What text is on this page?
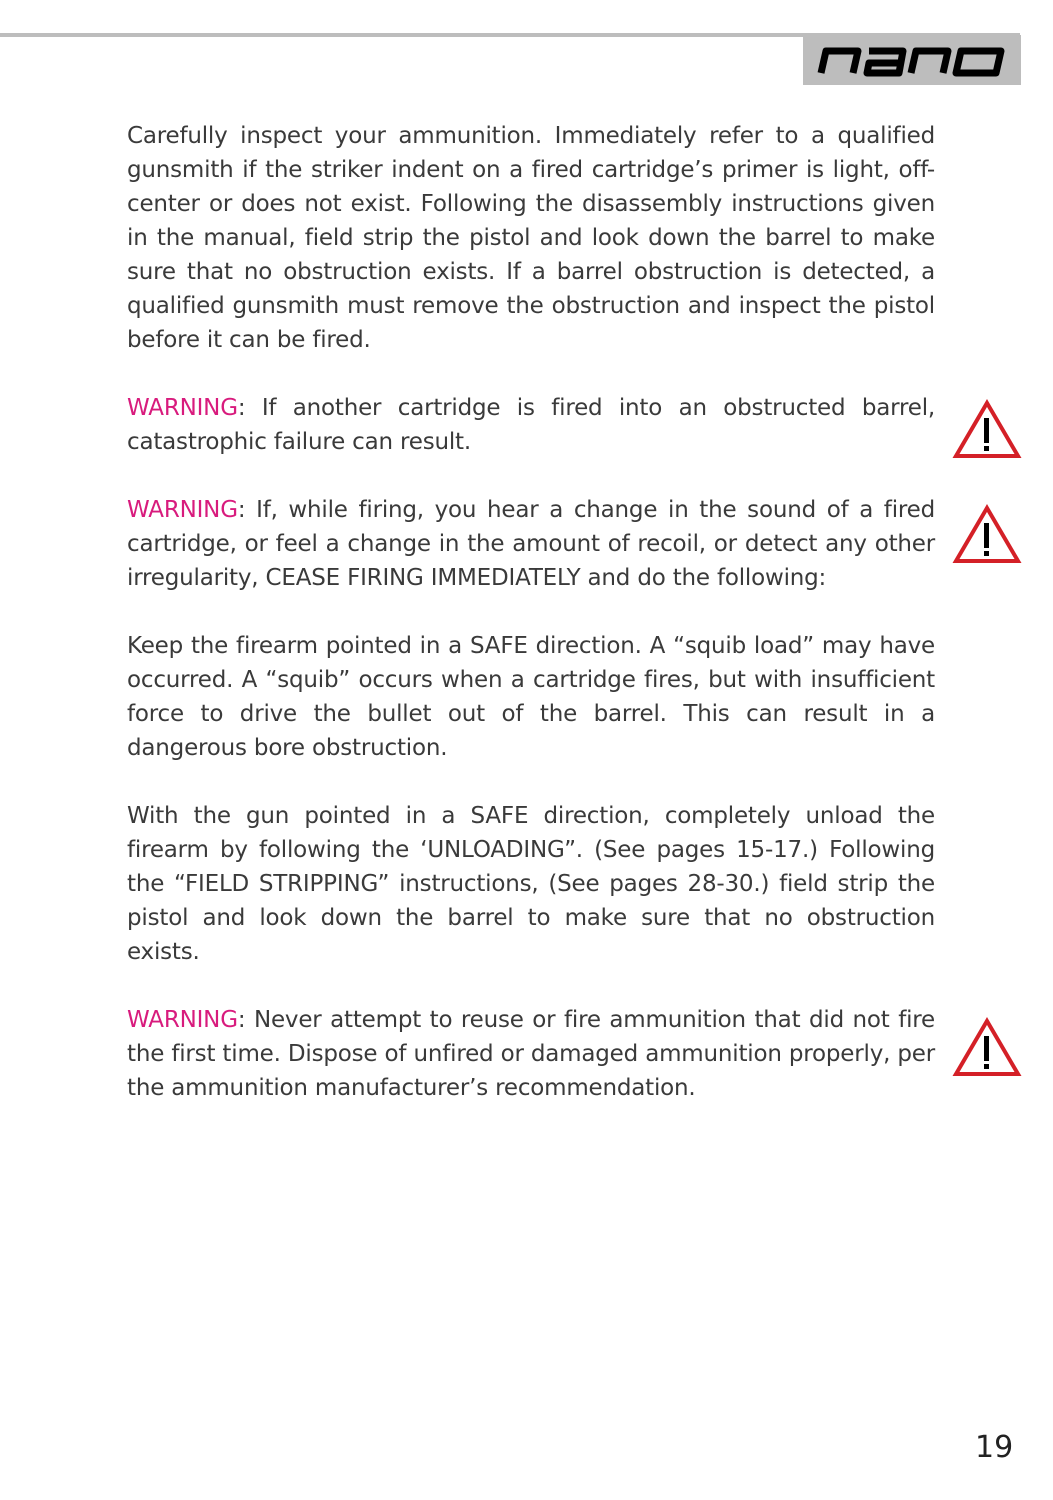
Carefully inspect your ammunition. Immediately refer to a qualified gunsmith if the striker indent on a fired cartridge’s primer is light, off-center or does not exist. Following the disassembly instructions given in the manual, field strip the pistol and look down the barrel to make sure that no obstruction exists. If a barrel obstruction is detected, a qualified gunsmith must remove the obstruction and inspect the pistol before it can be fired.

WARNING: If another cartridge is fired into an obstructed barrel, catastrophic failure can result.

WARNING: If, while firing, you hear a change in the sound of a fired cartridge, or feel a change in the amount of recoil, or detect any other irregularity, CEASE FIRING IMMEDIATELY and do the following:

Keep the firearm pointed in a SAFE direction. A “squib load” may have occurred. A “squib” occurs when a cartridge fires, but with insufficient force to drive the bullet out of the barrel. This can result in a dangerous bore obstruction.

With the gun pointed in a SAFE direction, completely unload the firearm by following the ‘UNLOADING”. (See pages 15-17.) Following the “FIELD STRIPPING” instructions, (See pages 28-30.) field strip the pistol and look down the barrel to make sure that no obstruction exists.

WARNING: Never attempt to reuse or fire ammunition that did not fire the first time. Dispose of unfired or damaged ammunition properly, per the ammunition manufacturer’s recommendation.

19
